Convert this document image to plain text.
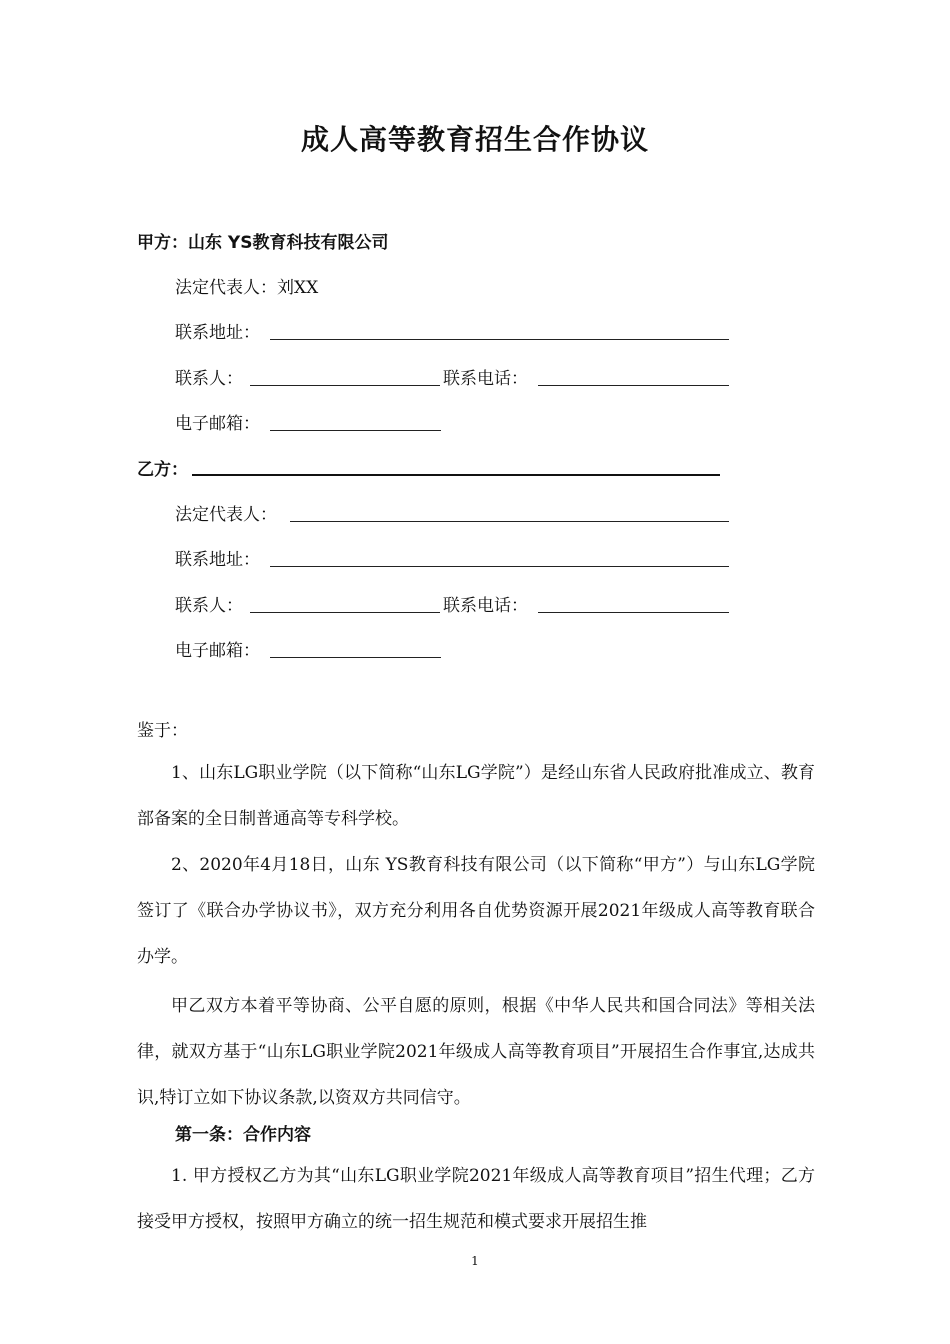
成人高等教育招生合作协议
甲方：山东 YS教育科技有限公司
法定代表人：刘XX
联系地址：
联系人：	联系电话：
电子邮箱：
乙方：
法定代表人：
联系地址：
联系人：	联系电话：
电子邮箱：
鉴于：
1、山东LG职业学院（以下简称“山东LG学院”）是经山东省人民政府批准成立、教育部备案的全日制普通高等专科学校。
2、2020年4月18日，山东 YS教育科技有限公司（以下简称“甲方”）与山东LG学院签订了《联合办学协议书》，双方充分利用各自优势资源开展2021年级成人高等教育联合办学。
甲乙双方本着平等协商、公平自愿的原则，根据《中华人民共和国合同法》等相关法律，就双方基于“山东LG职业学院2021年级成人高等教育项目”开展招生合作事宜,达成共识,特订立如下协议条款,以资双方共同信守。
第一条：合作内容
1. 甲方授权乙方为其“山东LG职业学院2021年级成人高等教育项目”招生代理；乙方接受甲方授权，按照甲方确立的统一招生规范和模式要求开展招生推
1
